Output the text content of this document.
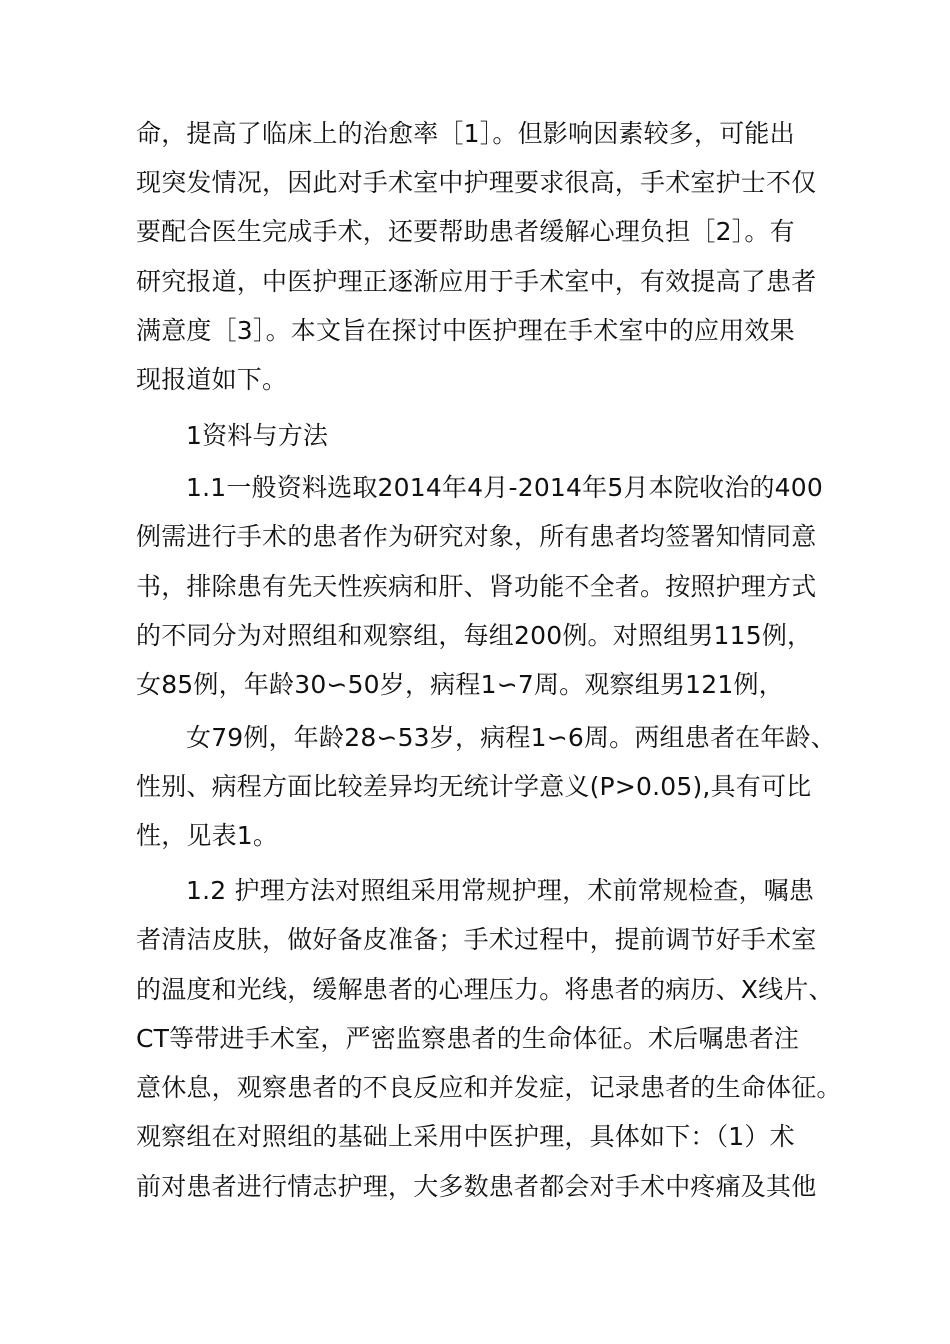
命，提高了临床上的治愈率［1］。但影响因素较多，可能出
现突发情况，因此对手术室中护理要求很高，手术室护士不仅
要配合医生完成手术，还要帮助患者缓解心理负担［2］。有
研究报道，中医护理正逐渐应用于手术室中，有效提高了患者
满意度［3］。本文旨在探讨中医护理在手术室中的应用效果
现报道如下。
1资料与方法
1.1一般资料选取2014年4月-2014年5月本院收治的400
例需进行手术的患者作为研究对象，所有患者均签署知情同意
书，排除患有先天性疾病和肝、肾功能不全者。按照护理方式
的不同分为对照组和观察组，每组200例。对照组男115例，
女85例，年龄30∽50岁，病程1∽7周。观察组男121例，
女79例，年龄28∽53岁，病程1∽6周。两组患者在年龄、
性别、病程方面比较差异均无统计学意义(P>0.05),具有可比
性，见表1。
1.2 护理方法对照组采用常规护理，术前常规检查，嘱患
者清洁皮肤，做好备皮准备；手术过程中，提前调节好手术室
的温度和光线，缓解患者的心理压力。将患者的病历、X线片、
CT等带进手术室，严密监察患者的生命体征。术后嘱患者注
意休息，观察患者的不良反应和并发症，记录患者的生命体征。
观察组在对照组的基础上采用中医护理，具体如下：（1）术
前对患者进行情志护理，大多数患者都会对手术中疼痛及其他
